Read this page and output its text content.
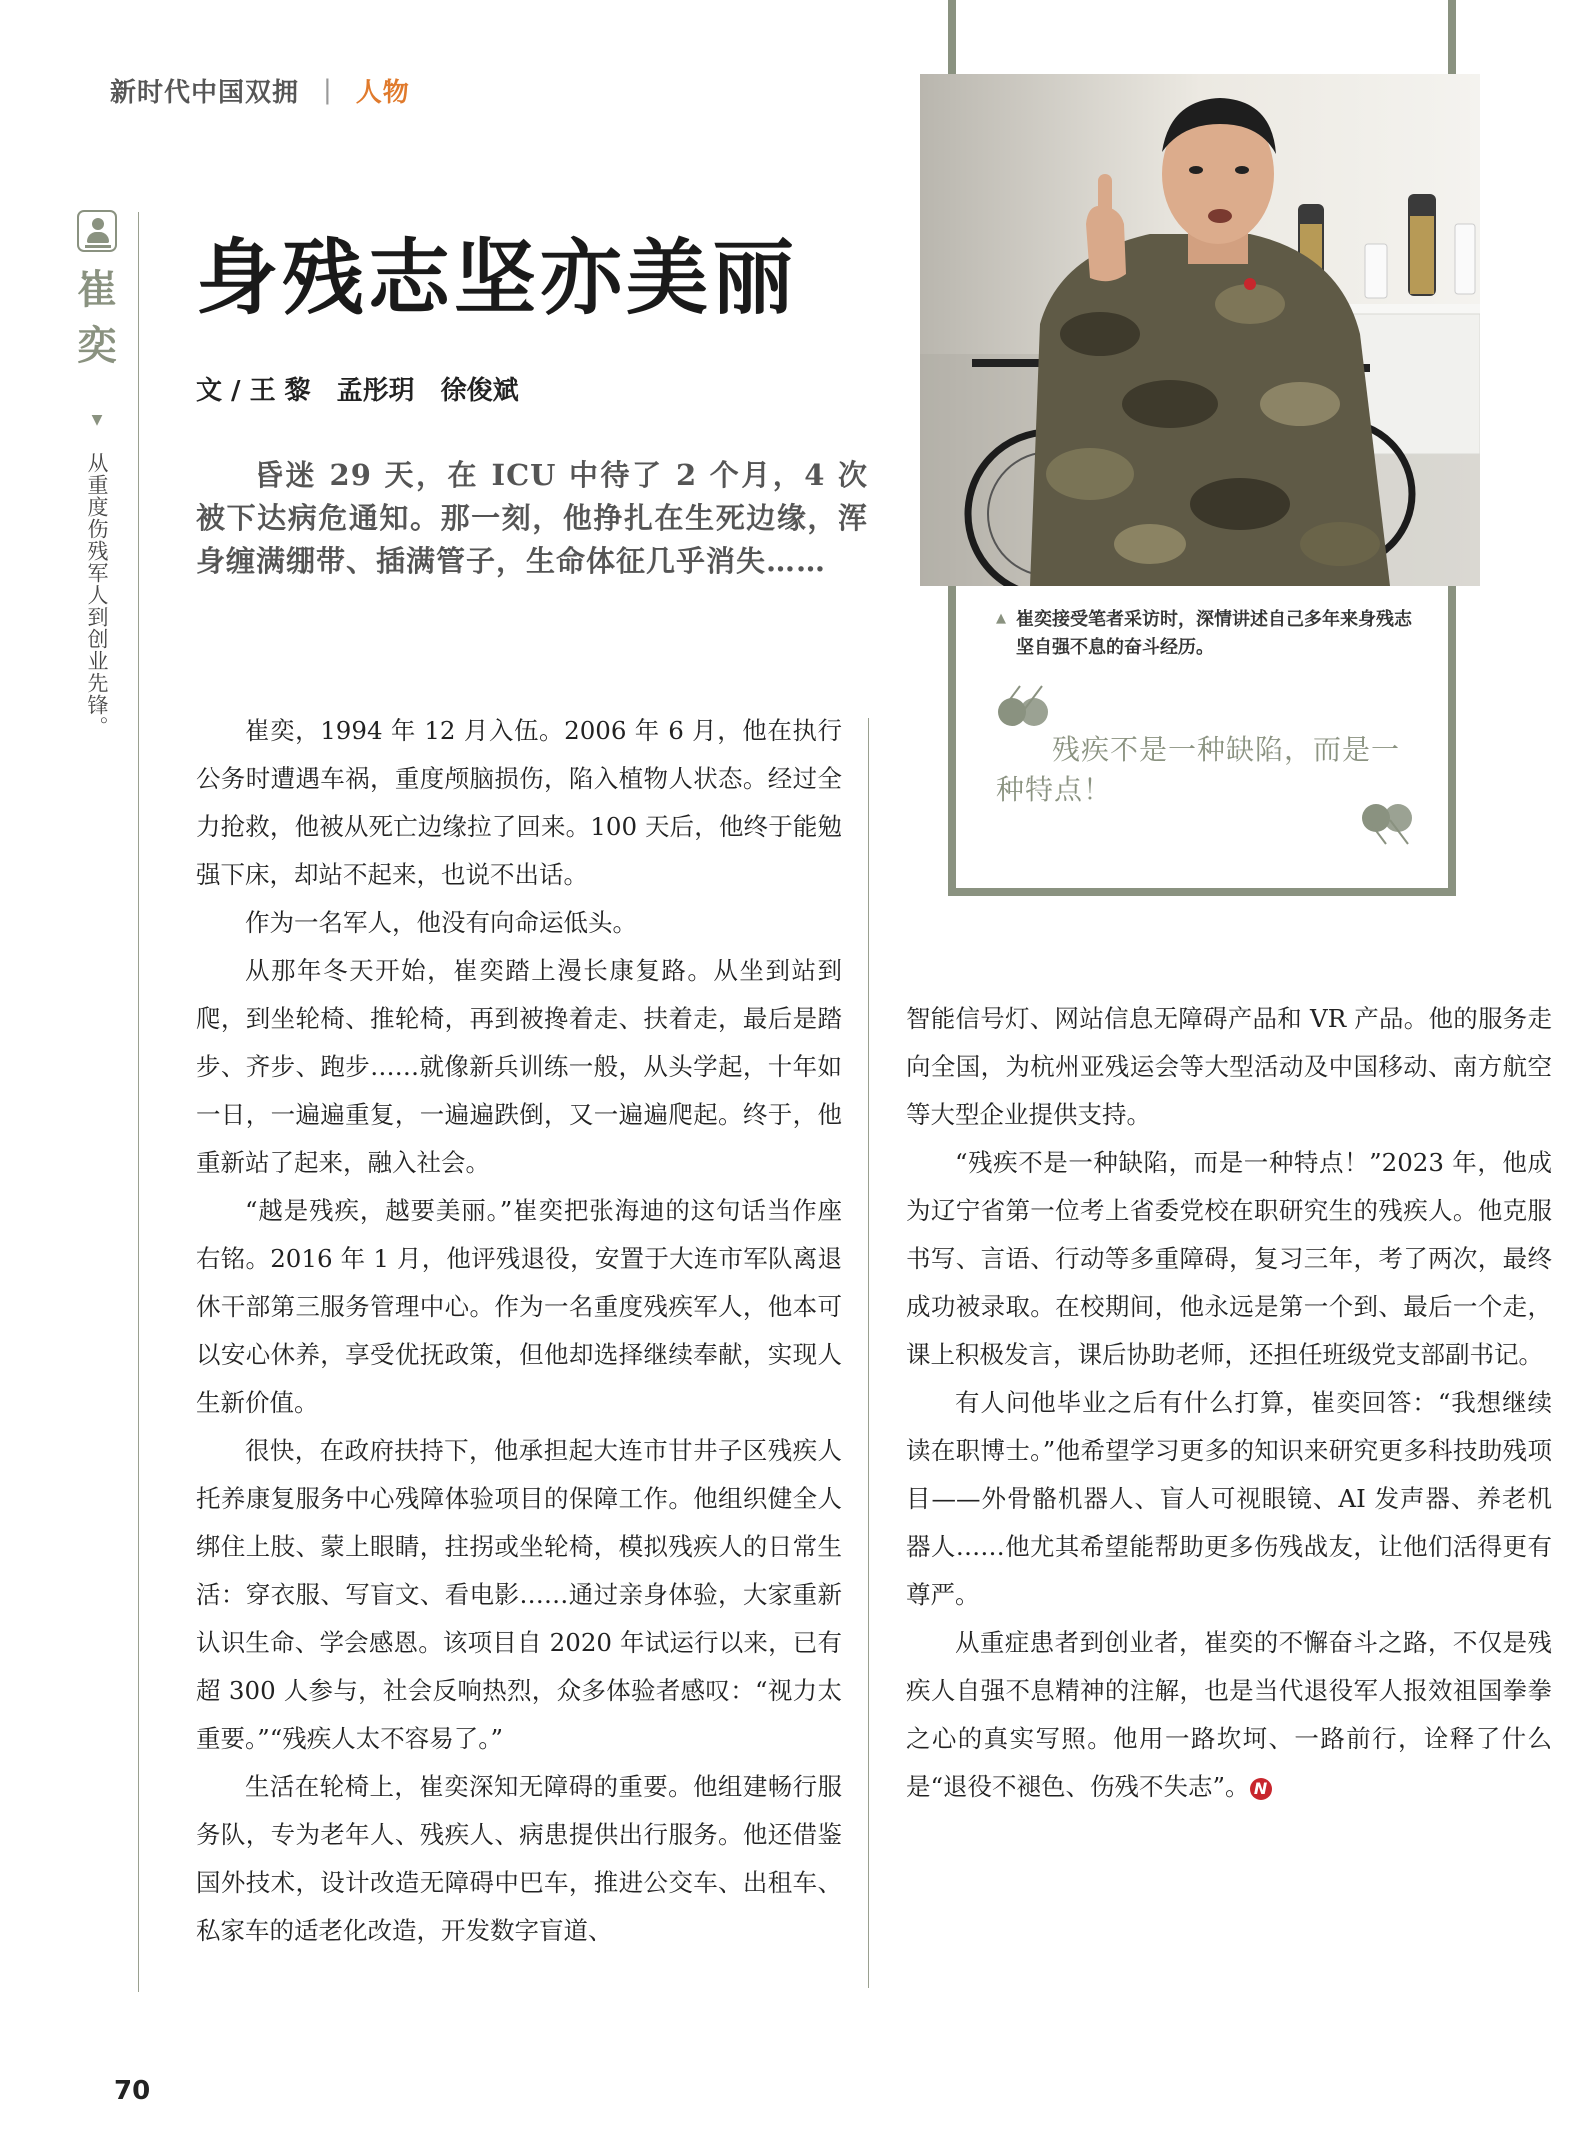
新时代中国双拥 | 人物
崔奕
▼
从重度伤残军人到创业先锋。
身残志坚亦美丽
文 / 王 黎　孟彤玥　徐俊斌
昏迷 29 天，在 ICU 中待了 2 个月，4 次被下达病危通知。那一刻，他挣扎在生死边缘，浑身缠满绷带、插满管子，生命体征几乎消失……
▲ 崔奕接受笔者采访时，深情讲述自己多年来身残志坚自强不息的奋斗经历。
残疾不是一种缺陷，而是一种特点！

崔奕，1994 年 12 月入伍。2006 年 6 月，他在执行公务时遭遇车祸，重度颅脑损伤，陷入植物人状态。经过全力抢救，他被从死亡边缘拉了回来。100 天后，他终于能勉强下床，却站不起来，也说不出话。

作为一名军人，他没有向命运低头。

从那年冬天开始，崔奕踏上漫长康复路。从坐到站到爬，到坐轮椅、推轮椅，再到被搀着走、扶着走，最后是踏步、齐步、跑步……就像新兵训练一般，从头学起，十年如一日，一遍遍重复，一遍遍跌倒，又一遍遍爬起。终于，他重新站了起来，融入社会。

“越是残疾，越要美丽。”崔奕把张海迪的这句话当作座右铭。2016 年 1 月，他评残退役，安置于大连市军队离退休干部第三服务管理中心。作为一名重度残疾军人，他本可以安心休养，享受优抚政策，但他却选择继续奉献，实现人生新价值。

很快，在政府扶持下，他承担起大连市甘井子区残疾人托养康复服务中心残障体验项目的保障工作。他组织健全人绑住上肢、蒙上眼睛，拄拐或坐轮椅，模拟残疾人的日常生活：穿衣服、写盲文、看电影……通过亲身体验，大家重新认识生命、学会感恩。该项目自 2020 年试运行以来，已有超 300 人参与，社会反响热烈，众多体验者感叹：“视力太重要。”“残疾人太不容易了。”

生活在轮椅上，崔奕深知无障碍的重要。他组建畅行服务队，专为老年人、残疾人、病患提供出行服务。他还借鉴国外技术，设计改造无障碍中巴车，推进公交车、出租车、私家车的适老化改造，开发数字盲道、

智能信号灯、网站信息无障碍产品和 VR 产品。他的服务走向全国，为杭州亚残运会等大型活动及中国移动、南方航空等大型企业提供支持。

“残疾不是一种缺陷，而是一种特点！”2023 年，他成为辽宁省第一位考上省委党校在职研究生的残疾人。他克服书写、言语、行动等多重障碍，复习三年，考了两次，最终成功被录取。在校期间，他永远是第一个到、最后一个走，课上积极发言，课后协助老师，还担任班级党支部副书记。

有人问他毕业之后有什么打算，崔奕回答：“我想继续读在职博士。”他希望学习更多的知识来研究更多科技助残项目——外骨骼机器人、盲人可视眼镜、AI 发声器、养老机器人……他尤其希望能帮助更多伤残战友，让他们活得更有尊严。

从重症患者到创业者，崔奕的不懈奋斗之路，不仅是残疾人自强不息精神的注解，也是当代退役军人报效祖国拳拳之心的真实写照。他用一路坎坷、一路前行，诠释了什么是“退役不褪色、伤残不失志”。 N

70
